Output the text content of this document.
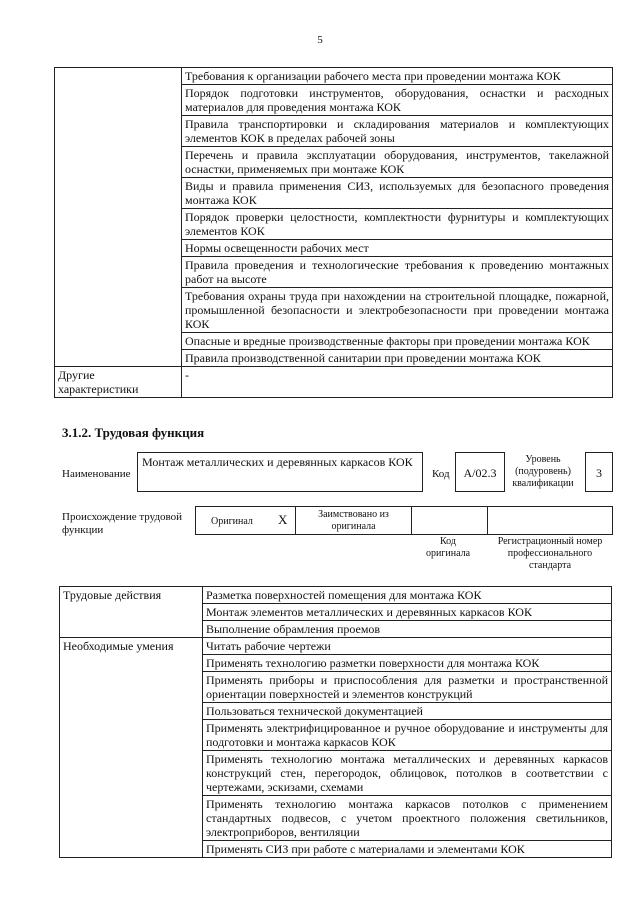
5
	Требования к организации рабочего места при проведении монтажа КОК
	Порядок подготовки инструментов, оборудования, оснастки и расходных материалов для проведения монтажа КОК
	Правила транспортировки и складирования материалов и комплектующих элементов КОК в пределах рабочей зоны
	Перечень и правила эксплуатации оборудования, инструментов, такелажной оснастки, применяемых при монтаже КОК
	Виды и правила применения СИЗ, используемых для безопасного проведения монтажа КОК
	Порядок проверки целостности, комплектности фурнитуры и комплектующих элементов КОК
	Нормы освещенности рабочих мест
	Правила проведения и технологические требования к проведению монтажных работ на высоте
	Требования охраны труда при нахождении на строительной площадке, пожарной, промышленной безопасности и электробезопасности при проведении монтажа КОК
	Опасные и вредные производственные факторы при проведении монтажа КОК
	Правила производственной санитарии при проведении монтажа КОК
Другие характеристики	-
3.1.2. Трудовая функция
Наименование
Монтаж металлических и деревянных каркасов КОК
Код	A/02.3
Уровень (подуровень) квалификации
3
Происхождение трудовой функции
Оригинал X	Заимствовано из оригинала
Код оригинала
Регистрационный номер профессионального стандарта
Трудовые действия	Разметка поверхностей помещения для монтажа КОК
	Монтаж элементов металлических и деревянных каркасов КОК
	Выполнение обрамления проемов
Необходимые умения	Читать рабочие чертежи
	Применять технологию разметки поверхности для монтажа КОК
	Применять приборы и приспособления для разметки и пространственной ориентации поверхностей и элементов конструкций
	Пользоваться технической документацией
	Применять электрифицированное и ручное оборудование и инструменты для подготовки и монтажа каркасов КОК
	Применять технологию монтажа металлических и деревянных каркасов конструкций стен, перегородок, облицовок, потолков в соответствии с чертежами, эскизами, схемами
	Применять технологию монтажа каркасов потолков с применением стандартных подвесов, с учетом проектного положения светильников, электроприборов, вентиляции
	Применять СИЗ при работе с материалами и элементами КОК
